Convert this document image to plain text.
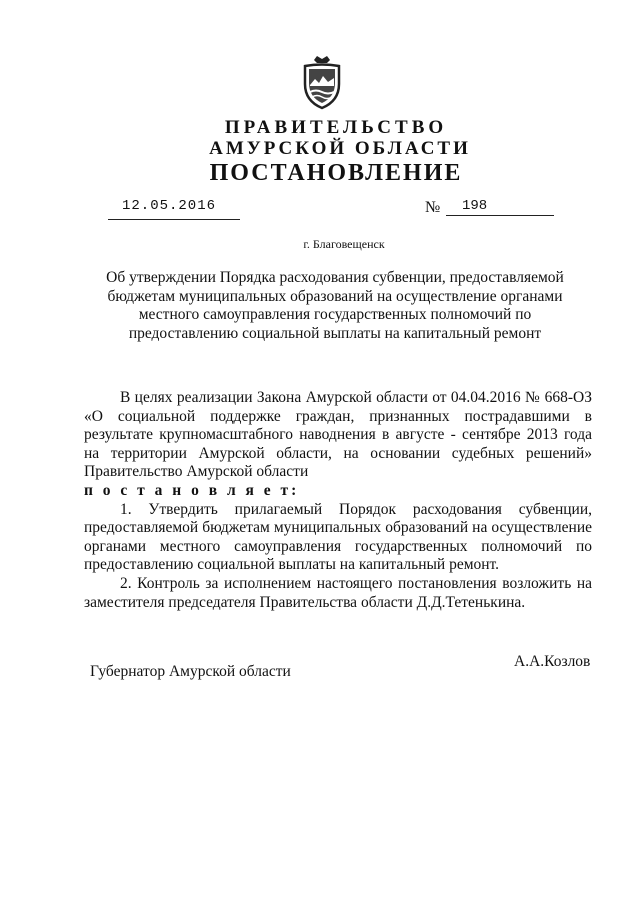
ПРАВИТЕЛЬСТВО
АМУРСКОЙ ОБЛАСТИ
ПОСТАНОВЛЕНИЕ
12.05.2016	№ 198
г. Благовещенск
Об утверждении Порядка расходования субвенции, предоставляемой бюджетам муниципальных образований на осуществление органами местного самоуправления государственных полномочий по предоставлению социальной выплаты на капитальный ремонт

В целях реализации Закона Амурской области от 04.04.2016 № 668-ОЗ «О социальной поддержке граждан, признанных пострадавшими в результате крупномасштабного наводнения в августе - сентябре 2013 года на территории Амурской области, на основании судебных решений» Правительство Амурской области

п о с т а н о в л я е т:

1. Утвердить прилагаемый Порядок расходования субвенции, предоставляемой бюджетам муниципальных образований на осуществление органами местного самоуправления государственных полномочий по предоставлению социальной выплаты на капитальный ремонт.

2. Контроль за исполнением настоящего постановления возложить на заместителя председателя Правительства области Д.Д.Тетенькина.

Губернатор Амурской области
А.А.Козлов
